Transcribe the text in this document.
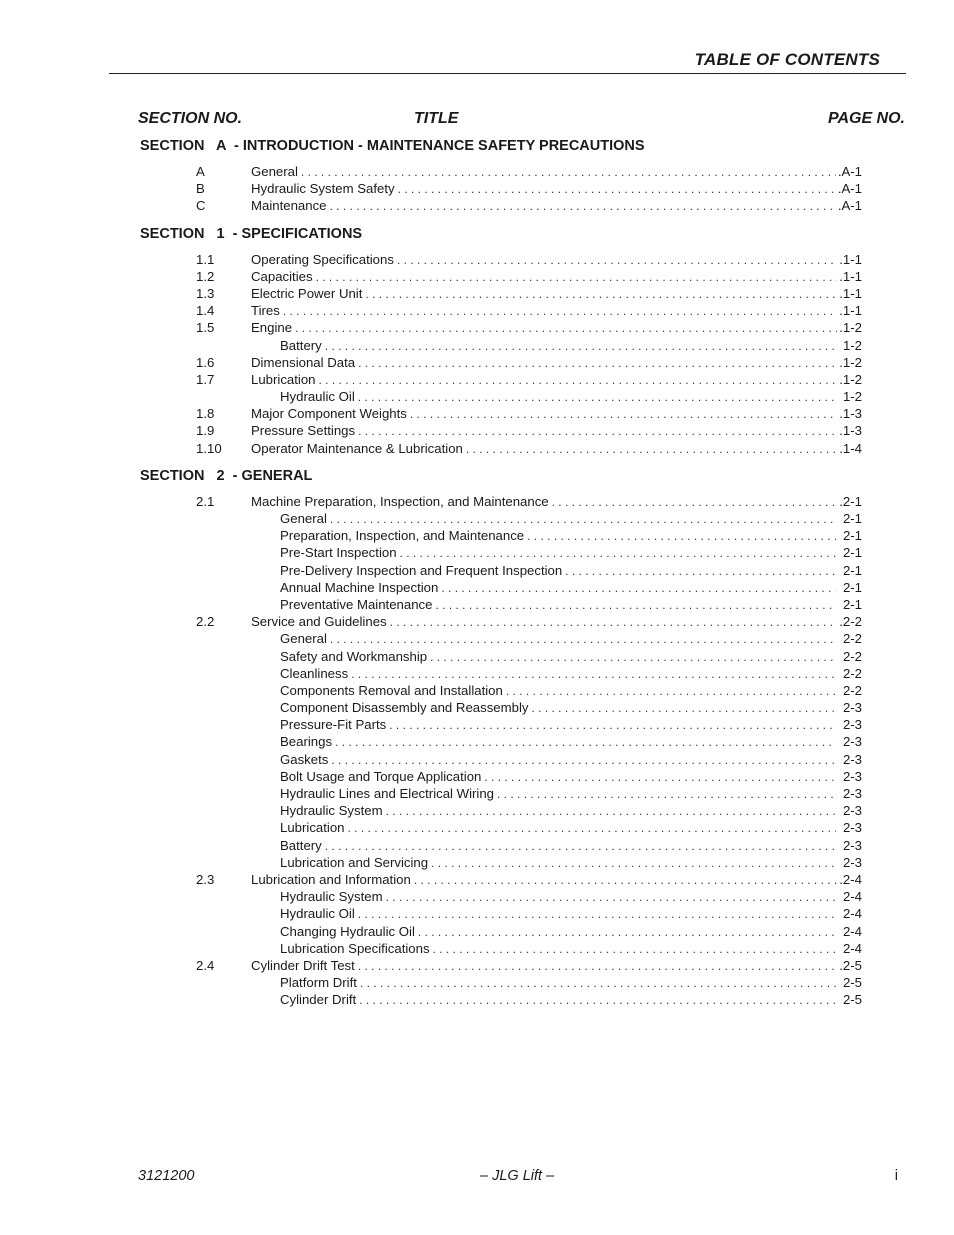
TABLE OF CONTENTS
SECTION NO.	TITLE	PAGE NO.
SECTION   A  - INTRODUCTION - MAINTENANCE SAFETY PRECAUTIONS
A	General . . .	.A-1
B	Hydraulic System Safety . . .	.A-1
C	Maintenance . . .	.A-1
SECTION   1  - SPECIFICATIONS
1.1	Operating Specifications . . .	.1-1
1.2	Capacities . . .	.1-1
1.3	Electric Power Unit . . .	.1-1
1.4	Tires . . .	.1-1
1.5	Engine . . .	.1-2
Battery . . .	1-2
1.6	Dimensional Data . . .	.1-2
1.7	Lubrication . . .	.1-2
Hydraulic Oil . . .	1-2
1.8	Major Component Weights . . .	.1-3
1.9	Pressure Settings . . .	.1-3
1.10 Operator Maintenance & Lubrication . . .	.1-4
SECTION   2  - GENERAL
2.1	Machine Preparation, Inspection, and Maintenance . . .	.2-1
General . . .	2-1
Preparation, Inspection, and Maintenance . . .	2-1
Pre-Start Inspection . . .	2-1
Pre-Delivery Inspection and Frequent Inspection . . .	2-1
Annual Machine Inspection . . .	2-1
Preventative Maintenance . . .	2-1
2.2	Service and Guidelines . . .	.2-2
General . . .	2-2
Safety and Workmanship . . .	2-2
Cleanliness . . .	2-2
Components Removal and Installation . . .	2-2
Component Disassembly and Reassembly . . .	2-3
Pressure-Fit Parts . . .	2-3
Bearings . . .	2-3
Gaskets . . .	2-3
Bolt Usage and Torque Application . . .	2-3
Hydraulic Lines and Electrical Wiring . . .	2-3
Hydraulic System . . .	2-3
Lubrication . . .	2-3
Battery . . .	2-3
Lubrication and Servicing . . .	2-3
2.3	Lubrication and Information . . .	.2-4
Hydraulic System . . .	2-4
Hydraulic Oil . . .	2-4
Changing Hydraulic Oil . . .	2-4
Lubrication Specifications . . .	2-4
2.4	Cylinder Drift Test . . .	.2-5
Platform Drift . . .	2-5
Cylinder Drift . . .	2-5
3121200	– JLG Lift –	i
